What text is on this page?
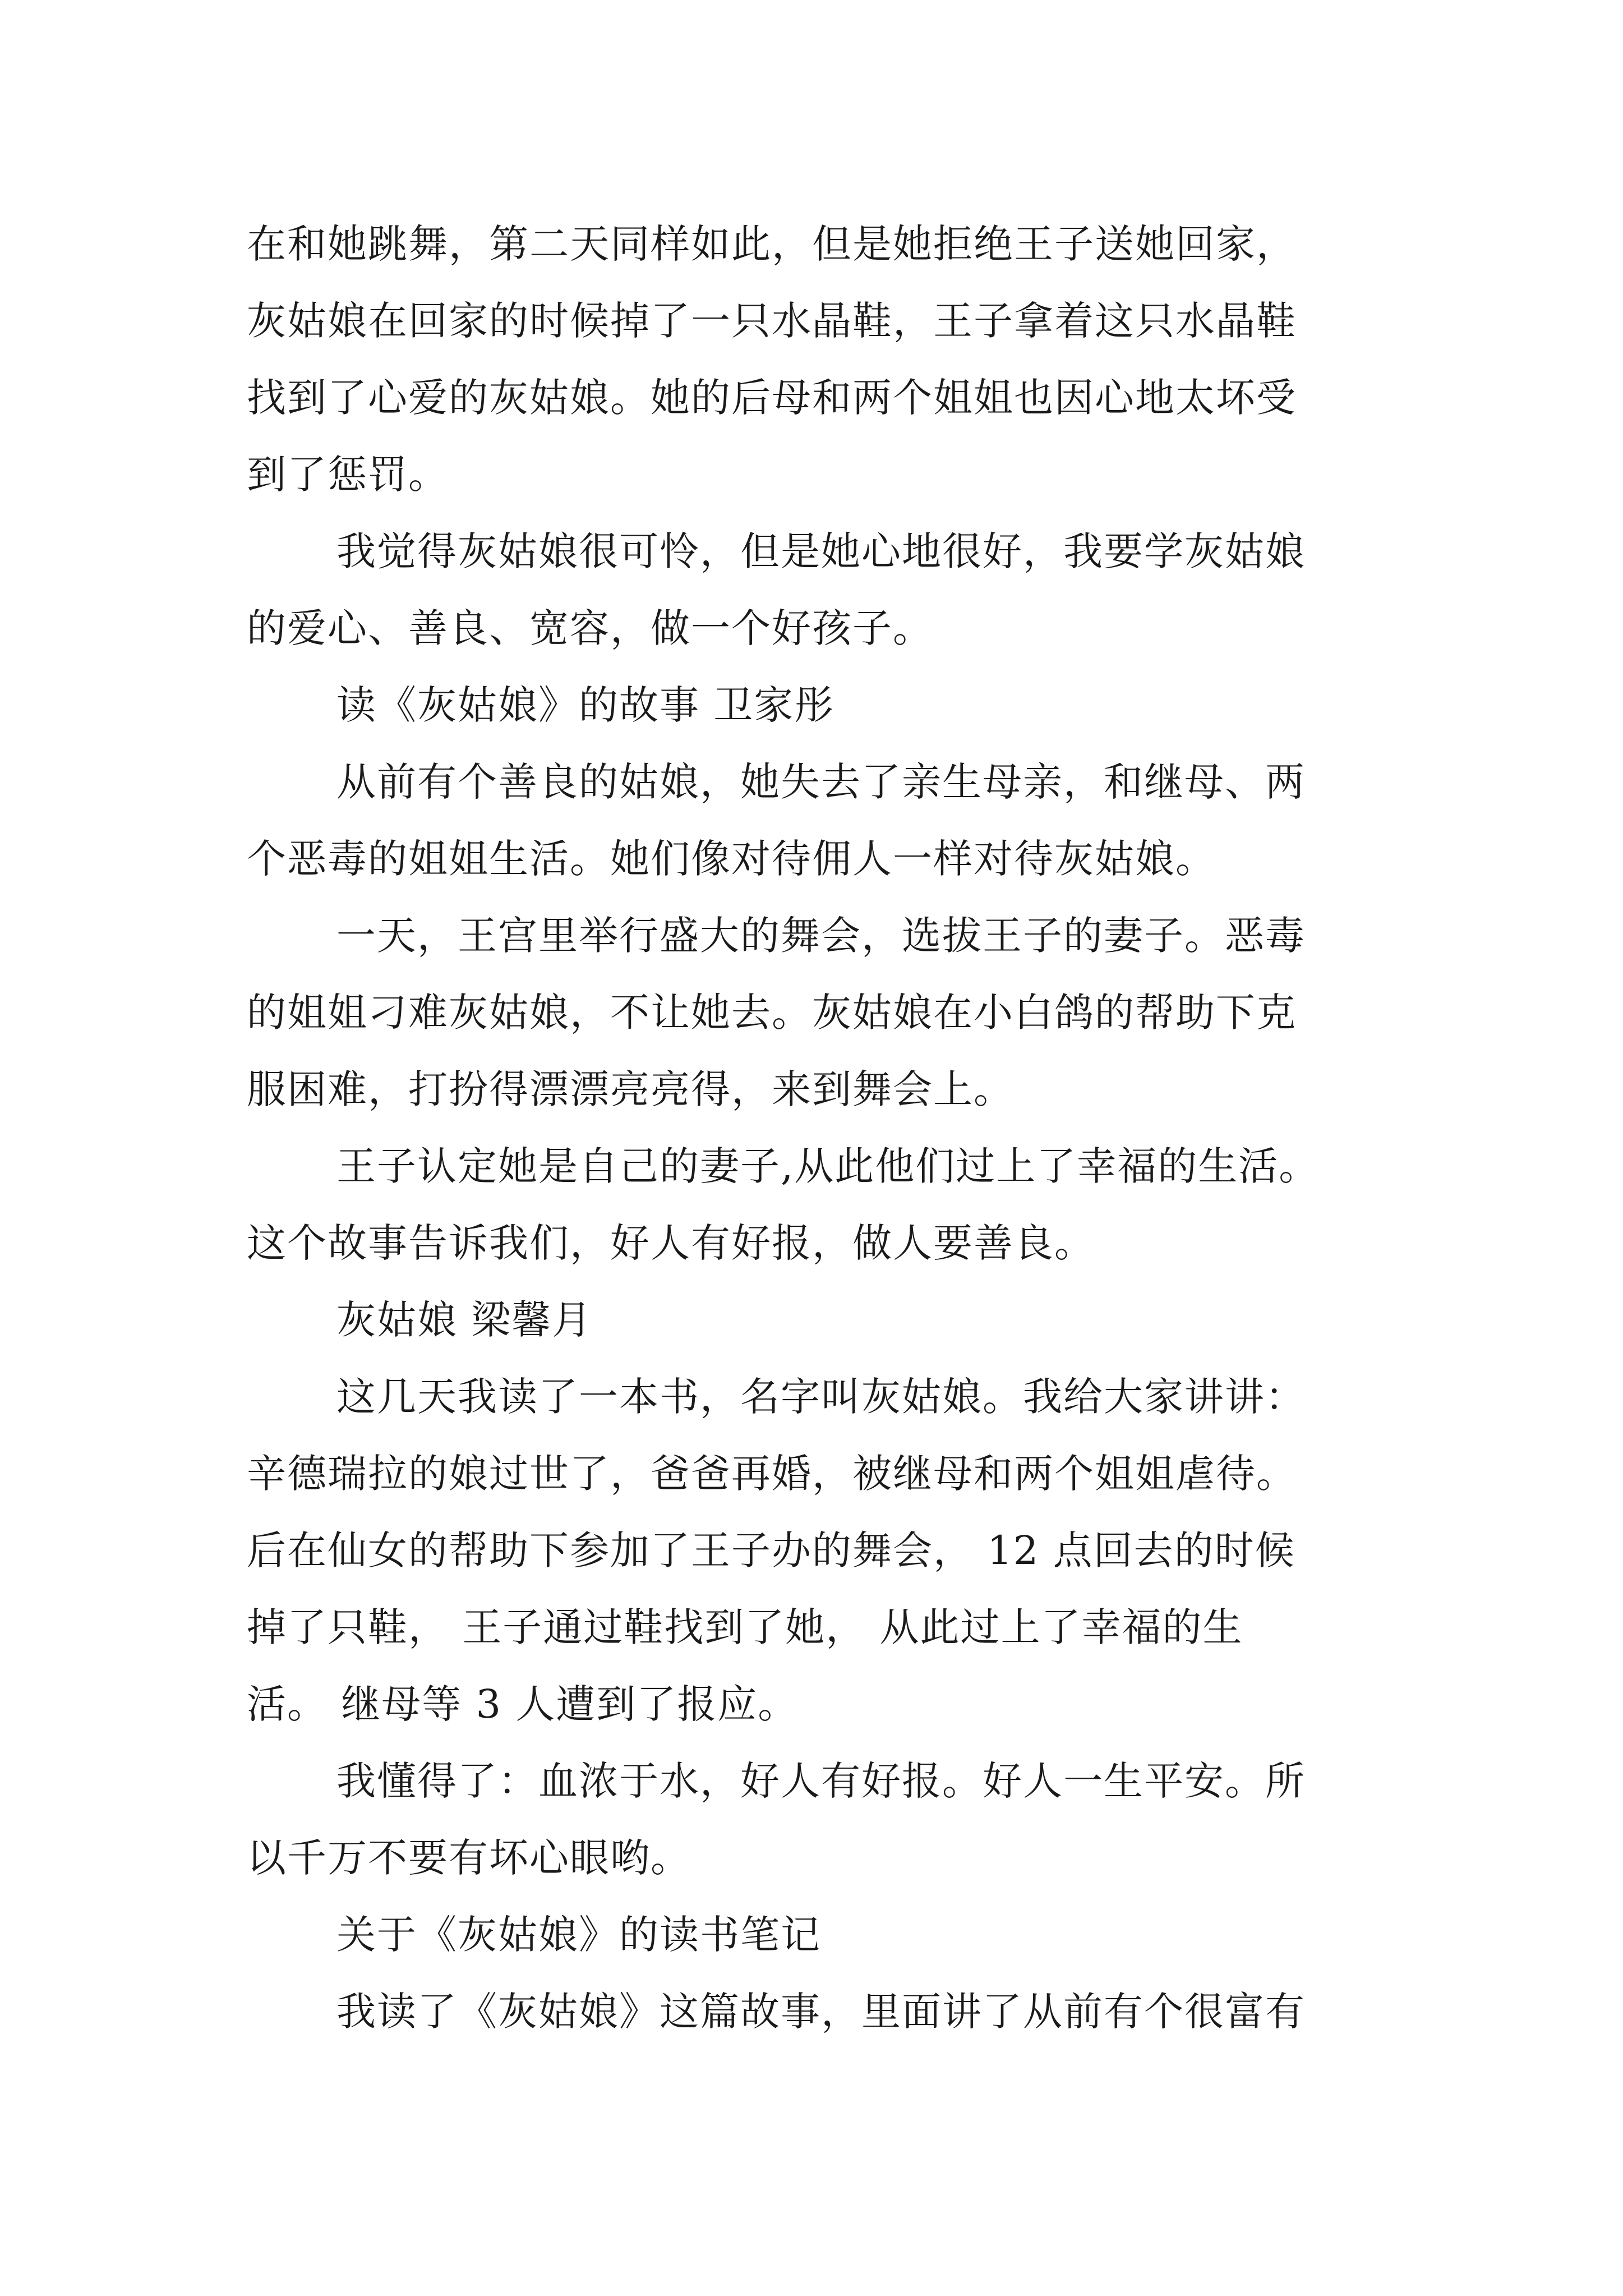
在和她跳舞，第二天同样如此，但是她拒绝王子送她回家，
灰姑娘在回家的时候掉了一只水晶鞋，王子拿着这只水晶鞋
找到了心爱的灰姑娘。她的后母和两个姐姐也因心地太坏受
到了惩罚。
我觉得灰姑娘很可怜，但是她心地很好，我要学灰姑娘
的爱心、善良、宽容，做一个好孩子。
读《灰姑娘》的故事 卫家彤
从前有个善良的姑娘，她失去了亲生母亲，和继母、两
个恶毒的姐姐生活。她们像对待佣人一样对待灰姑娘。
一天，王宫里举行盛大的舞会，选拔王子的妻子。恶毒
的姐姐刁难灰姑娘，不让她去。灰姑娘在小白鸽的帮助下克
服困难，打扮得漂漂亮亮得，来到舞会上。
王子认定她是自己的妻子,从此他们过上了幸福的生活。
这个故事告诉我们，好人有好报，做人要善良。
灰姑娘 梁馨月
这几天我读了一本书，名字叫灰姑娘。我给大家讲讲：
辛德瑞拉的娘过世了，爸爸再婚，被继母和两个姐姐虐待。
后在仙女的帮助下参加了王子办的舞会， 12 点回去的时候
掉了只鞋， 王子通过鞋找到了她， 从此过上了幸福的生
活。 继母等 3 人遭到了报应。
我懂得了：血浓于水，好人有好报。好人一生平安。所
以千万不要有坏心眼哟。
关于《灰姑娘》的读书笔记
我读了《灰姑娘》这篇故事，里面讲了从前有个很富有
